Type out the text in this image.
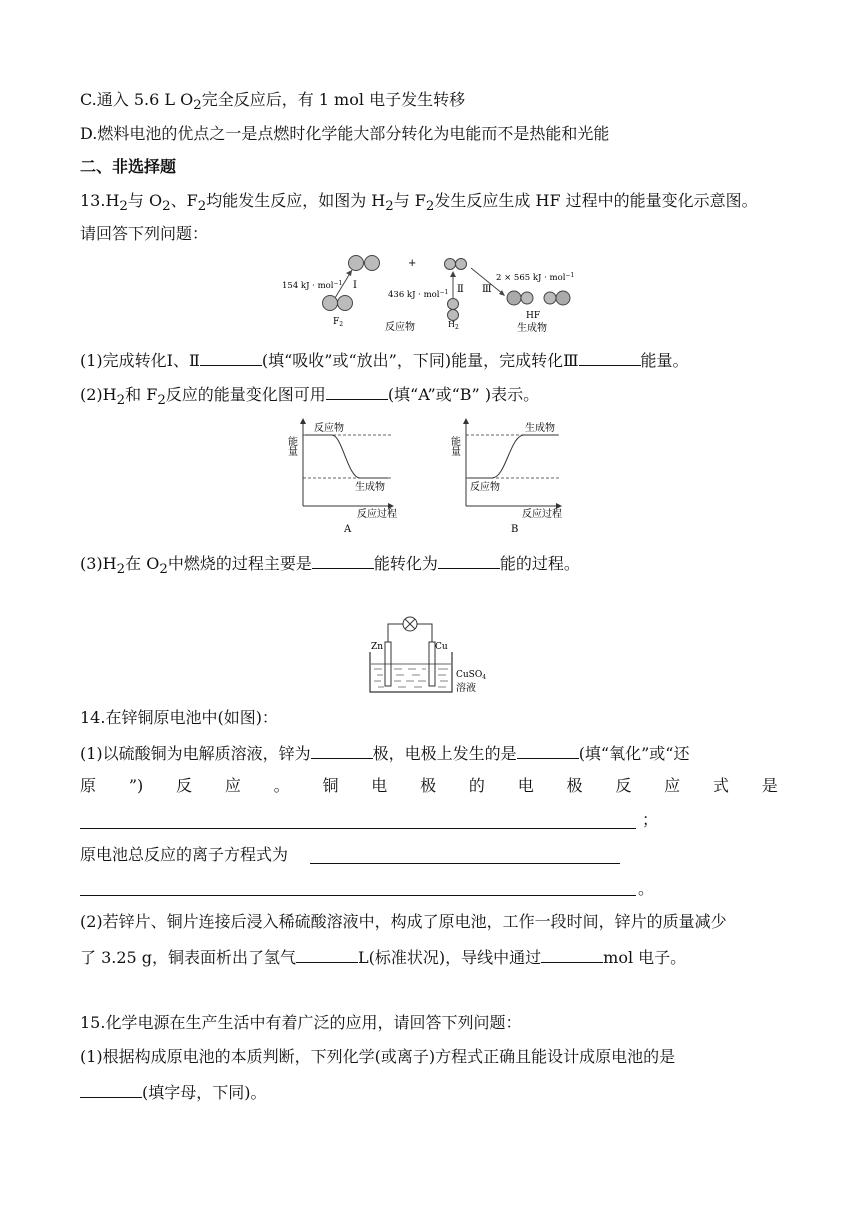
C.通入 5.6 L $O_2$完全反应后，有 1 mol 电子发生转移
D.燃料电池的优点之一是点燃时化学能大部分转化为电能而不是热能和光能
二、非选择题
$13.H_2$与 $O_2$、$F_2$均能发生反应，如图为 $H_2$与 $F_2$发生反应生成 HF 过程中的能量变化示意图。
请回答下列问题：
154 kJ · mol$^{-1}$ Ⅰ
$F_2$
+
反应物
436 kJ · mol$^{-1}$ Ⅱ
$H_2$
Ⅲ
2 × 565 kJ · mol$^{-1}$
HF
生成物
(1)完成转化Ⅰ、Ⅱ	(填“吸收”或“放出”，下同)能量，完成转化Ⅲ	能量。
$(2)H_2$和 $F_2$反应的能量变化图可用	(填“A”或“B” )表示。
能量
反应物
生成物
反应过程
A
能量
生成物
反应物
反应过程
B
$(3)H_2$在 $O_2$中燃烧的过程主要是	能转化为	能的过程。
Zn	Cu
CuSO$_4$
溶液
14.在锌铜原电池中(如图)：
(1)以硫酸铜为电解质溶液，锌为	极，电极上发生的是	(填“氧化”或“还
原 ”) 反 应 。 铜 电 极 的 电 极 反 应 式 是
；
原电池总反应的离子方程式为
。
(2)若锌片、铜片连接后浸入稀硫酸溶液中，构成了原电池，工作一段时间，锌片的质量减少
了 3.25 g，铜表面析出了氢气	L(标准状况)，导线中通过	mol 电子。
15.化学电源在生产生活中有着广泛的应用，请回答下列问题：
(1)根据构成原电池的本质判断，下列化学(或离子)方程式正确且能设计成原电池的是
(填字母，下同)。
